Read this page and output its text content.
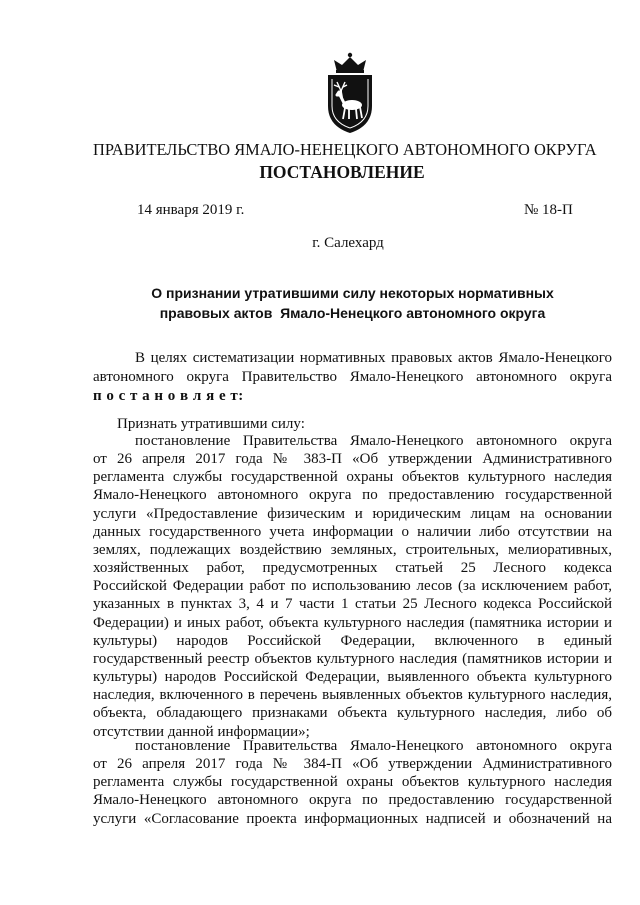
ПРАВИТЕЛЬСТВО ЯМАЛО-НЕНЕЦКОГО АВТОНОМНОГО ОКРУГА
ПОСТАНОВЛЕНИЕ
14 января 2019 г.	№ 18-П
г. Салехард
О признании утратившими силу некоторых нормативных
правовых актов  Ямало-Ненецкого автономного округа
В целях систематизации нормативных правовых актов Ямало-Ненецкого
автономного округа Правительство Ямало-Ненецкого автономного округа
п о с т а н о в л я е т:
Признать утратившими силу:
постановление Правительства Ямало-Ненецкого автономного округа
от 26 апреля 2017 года № 383-П «Об утверждении Административного
регламента службы государственной охраны объектов культурного наследия
Ямало-Ненецкого автономного округа по предоставлению государственной
услуги «Предоставление физическим и юридическим лицам на основании
данных государственного учета информации о наличии либо отсутствии на
землях, подлежащих воздействию земляных, строительных, мелиоративных,
хозяйственных работ, предусмотренных статьей 25 Лесного кодекса
Российской Федерации работ по использованию лесов (за исключением работ,
указанных в пунктах 3, 4 и 7 части 1 статьи 25 Лесного кодекса Российской
Федерации) и иных работ, объекта культурного наследия (памятника истории и
культуры) народов Российской Федерации, включенного в единый
государственный реестр объектов культурного наследия (памятников истории и
культуры) народов Российской Федерации, выявленного объекта культурного
наследия, включенного в перечень выявленных объектов культурного наследия,
объекта, обладающего признаками объекта культурного наследия, либо об
отсутствии данной информации»;
постановление Правительства Ямало-Ненецкого автономного округа
от 26 апреля 2017 года № 384-П «Об утверждении Административного
регламента службы государственной охраны объектов культурного наследия
Ямало-Ненецкого автономного округа по предоставлению государственной
услуги «Согласование проекта информационных надписей и обозначений на
